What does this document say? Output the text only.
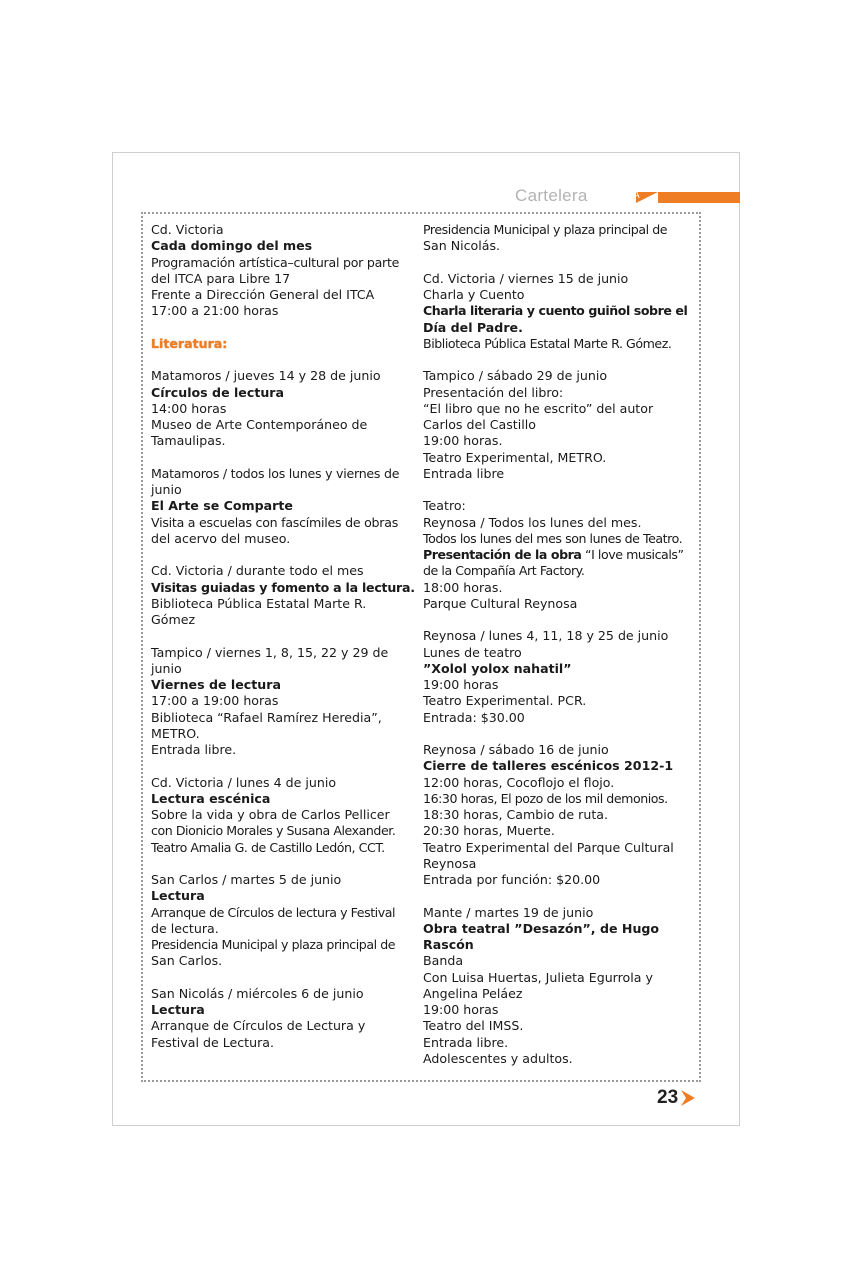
Cartelera	A
Cd. Victoria
Cada domingo del mes
Programación artística–cultural por parte
del ITCA para Libre 17
Frente a Dirección General del ITCA
17:00 a 21:00 horas
Literatura:
Matamoros / jueves 14 y 28 de junio
Círculos de lectura
14:00 horas
Museo de Arte Contemporáneo de
Tamaulipas.
Matamoros / todos los lunes y viernes de
junio
El Arte se Comparte
Visita a escuelas con fascímiles de obras
del acervo del museo.
Cd. Victoria / durante todo el mes
Visitas guiadas y fomento a la lectura.
Biblioteca Pública Estatal Marte R.
Gómez
Tampico / viernes 1, 8, 15, 22 y 29 de
junio
Viernes de lectura
17:00 a 19:00 horas
Biblioteca “Rafael Ramírez Heredia”,
METRO.
Entrada libre.
Cd. Victoria / lunes 4 de junio
Lectura escénica
Sobre la vida y obra de Carlos Pellicer
con Dionicio Morales y Susana Alexander.
Teatro Amalia G. de Castillo Ledón, CCT.
San Carlos / martes 5 de junio
Lectura
Arranque de Círculos de lectura y Festival
de lectura.
Presidencia Municipal y plaza principal de
San Carlos.
San Nicolás / miércoles 6 de junio
Lectura
Arranque de Círculos de Lectura y
Festival de Lectura.
Presidencia Municipal y plaza principal de
San Nicolás.
Cd. Victoria / viernes 15 de junio
Charla y Cuento
Charla literaria y cuento guiñol sobre el
Día del Padre.
Biblioteca Pública Estatal Marte R. Gómez.
Tampico / sábado 29 de junio
Presentación del libro:
“El libro que no he escrito” del autor
Carlos del Castillo
19:00 horas.
Teatro Experimental, METRO.
Entrada libre
Teatro:
Reynosa / Todos los lunes del mes.
Todos los lunes del mes son lunes de Teatro.
Presentación de la obra “I love musicals”
de la Compañía Art Factory.
18:00 horas.
Parque Cultural Reynosa
Reynosa / lunes 4, 11, 18 y 25 de junio
Lunes de teatro
”Xolol yolox nahatil”
19:00 horas
Teatro Experimental. PCR.
Entrada: $30.00
Reynosa / sábado 16 de junio
Cierre de talleres escénicos 2012-1
12:00 horas, Cocoflojo el flojo.
16:30 horas, El pozo de los mil demonios.
18:30 horas, Cambio de ruta.
20:30 horas, Muerte.
Teatro Experimental del Parque Cultural
Reynosa
Entrada por función: $20.00
Mante / martes 19 de junio
Obra teatral ”Desazón”, de Hugo
Rascón
Banda
Con Luisa Huertas, Julieta Egurrola y
Angelina Peláez
19:00 horas
Teatro del IMSS.
Entrada libre.
Adolescentes y adultos.
23
